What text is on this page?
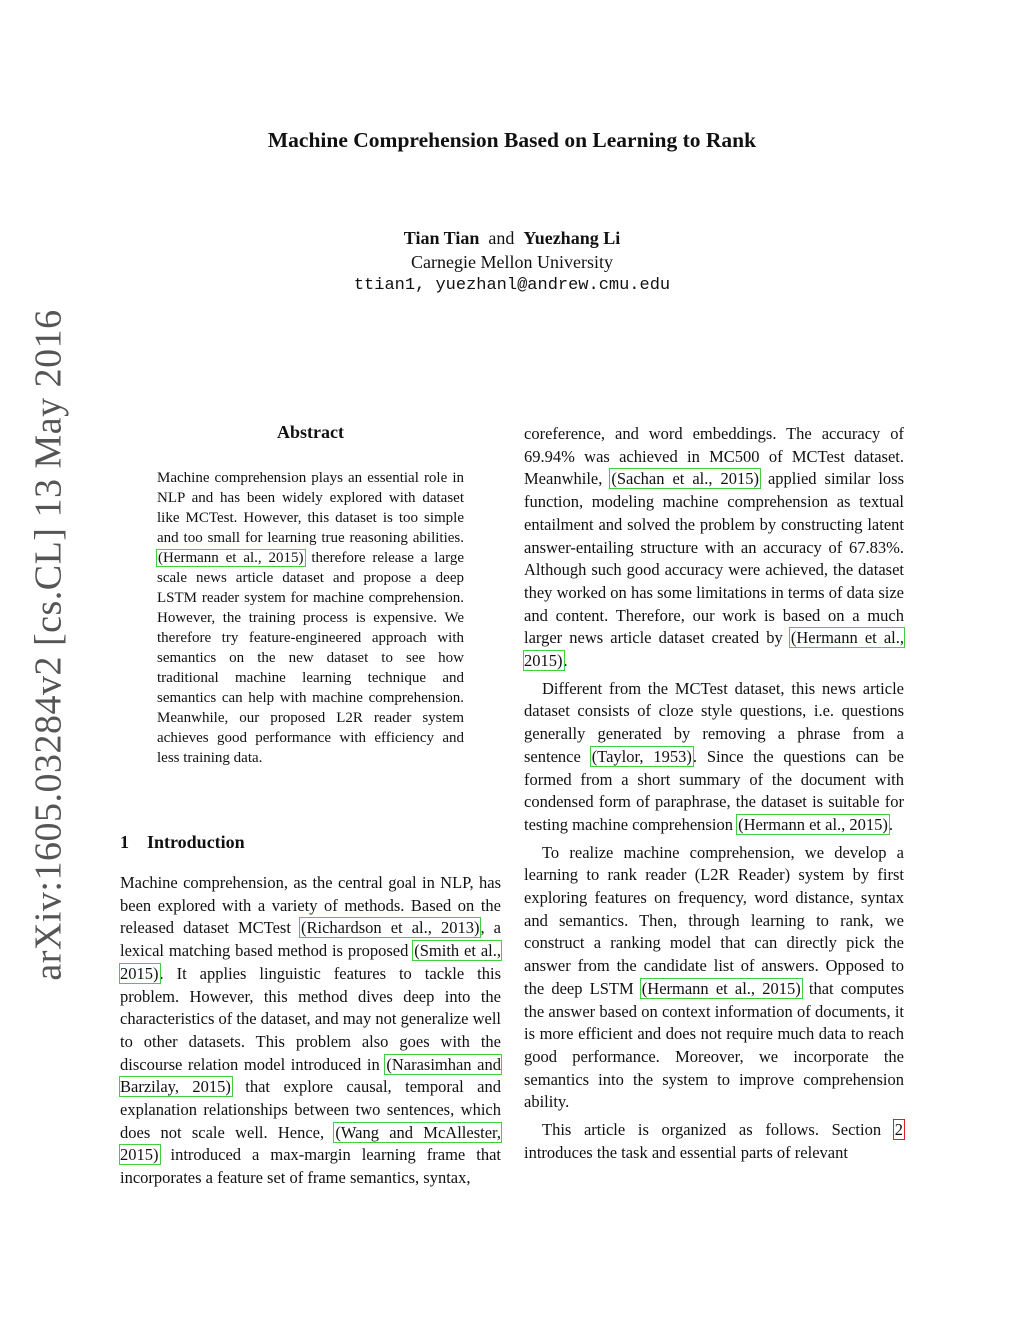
arXiv:1605.03284v2 [cs.CL] 13 May 2016
Machine Comprehension Based on Learning to Rank
Tian Tian and Yuezhang Li
Carnegie Mellon University
ttian1, yuezhanl@andrew.cmu.edu
Abstract
Machine comprehension plays an essential role in NLP and has been widely explored with dataset like MCTest. However, this dataset is too simple and too small for learning true reasoning abilities. (Hermann et al., 2015) therefore release a large scale news article dataset and propose a deep LSTM reader system for machine comprehension. However, the training process is expensive. We therefore try feature-engineered approach with semantics on the new dataset to see how traditional machine learning technique and semantics can help with machine comprehension. Meanwhile, our proposed L2R reader system achieves good performance with efficiency and less training data.
1 Introduction

Machine comprehension, as the central goal in NLP, has been explored with a variety of methods. Based on the released dataset MCTest (Richardson et al., 2013), a lexical matching based method is proposed (Smith et al., 2015). It applies linguistic features to tackle this problem. However, this method dives deep into the characteristics of the dataset, and may not generalize well to other datasets. This problem also goes with the discourse relation model introduced in (Narasimhan and Barzilay, 2015) that explore causal, temporal and explanation relationships between two sentences, which does not scale well. Hence, (Wang and McAllester, 2015) introduced a max-margin learning frame that incorporates a feature set of frame semantics, syntax,

coreference, and word embeddings. The accuracy of 69.94% was achieved in MC500 of MCTest dataset. Meanwhile, (Sachan et al., 2015) applied similar loss function, modeling machine comprehension as textual entailment and solved the problem by constructing latent answer-entailing structure with an accuracy of 67.83%. Although such good accuracy were achieved, the dataset they worked on has some limitations in terms of data size and content. Therefore, our work is based on a much larger news article dataset created by (Hermann et al., 2015).

Different from the MCTest dataset, this news article dataset consists of cloze style questions, i.e. questions generally generated by removing a phrase from a sentence (Taylor, 1953). Since the questions can be formed from a short summary of the document with condensed form of paraphrase, the dataset is suitable for testing machine comprehension (Hermann et al., 2015).

To realize machine comprehension, we develop a learning to rank reader (L2R Reader) system by first exploring features on frequency, word distance, syntax and semantics. Then, through learning to rank, we construct a ranking model that can directly pick the answer from the candidate list of answers. Opposed to the deep LSTM (Hermann et al., 2015) that computes the answer based on context information of documents, it is more efficient and does not require much data to reach good performance. Moreover, we incorporate the semantics into the system to improve comprehension ability.

This article is organized as follows. Section 2 introduces the task and essential parts of relevant
